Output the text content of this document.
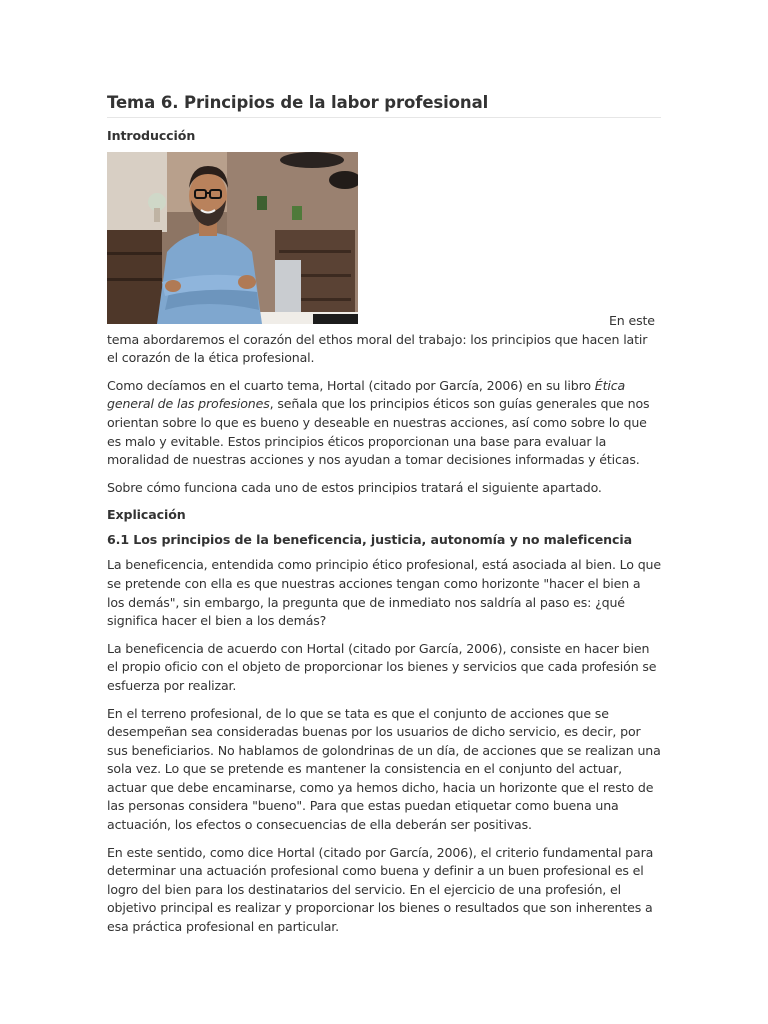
Tema 6. Principios de la labor profesional
Introducción

En este tema abordaremos el corazón del ethos moral del trabajo: los principios que hacen latir el corazón de la ética profesional.

Como decíamos en el cuarto tema, Hortal (citado por García, 2006) en su libro Ética general de las profesiones, señala que los principios éticos son guías generales que nos orientan sobre lo que es bueno y deseable en nuestras acciones, así como sobre lo que es malo y evitable. Estos principios éticos proporcionan una base para evaluar la moralidad de nuestras acciones y nos ayudan a tomar decisiones informadas y éticas.

Sobre cómo funciona cada uno de estos principios tratará el siguiente apartado.

Explicación
6.1 Los principios de la beneficencia, justicia, autonomía y no maleficencia

La beneficencia, entendida como principio ético profesional, está asociada al bien. Lo que se pretende con ella es que nuestras acciones tengan como horizonte "hacer el bien a los demás", sin embargo, la pregunta que de inmediato nos saldría al paso es: ¿qué significa hacer el bien a los demás?

La beneficencia de acuerdo con Hortal (citado por García, 2006), consiste en hacer bien el propio oficio con el objeto de proporcionar los bienes y servicios que cada profesión se esfuerza por realizar.

En el terreno profesional, de lo que se tata es que el conjunto de acciones que se desempeñan sea consideradas buenas por los usuarios de dicho servicio, es decir, por sus beneficiarios. No hablamos de golondrinas de un día, de acciones que se realizan una sola vez. Lo que se pretende es mantener la consistencia en el conjunto del actuar, actuar que debe encaminarse, como ya hemos dicho, hacia un horizonte que el resto de las personas considera "bueno". Para que estas puedan etiquetar como buena una actuación, los efectos o consecuencias de ella deberán ser positivas.

En este sentido, como dice Hortal (citado por García, 2006), el criterio fundamental para determinar una actuación profesional como buena y definir a un buen profesional es el logro del bien para los destinatarios del servicio. En el ejercicio de una profesión, el objetivo principal es realizar y proporcionar los bienes o resultados que son inherentes a esa práctica profesional en particular.
